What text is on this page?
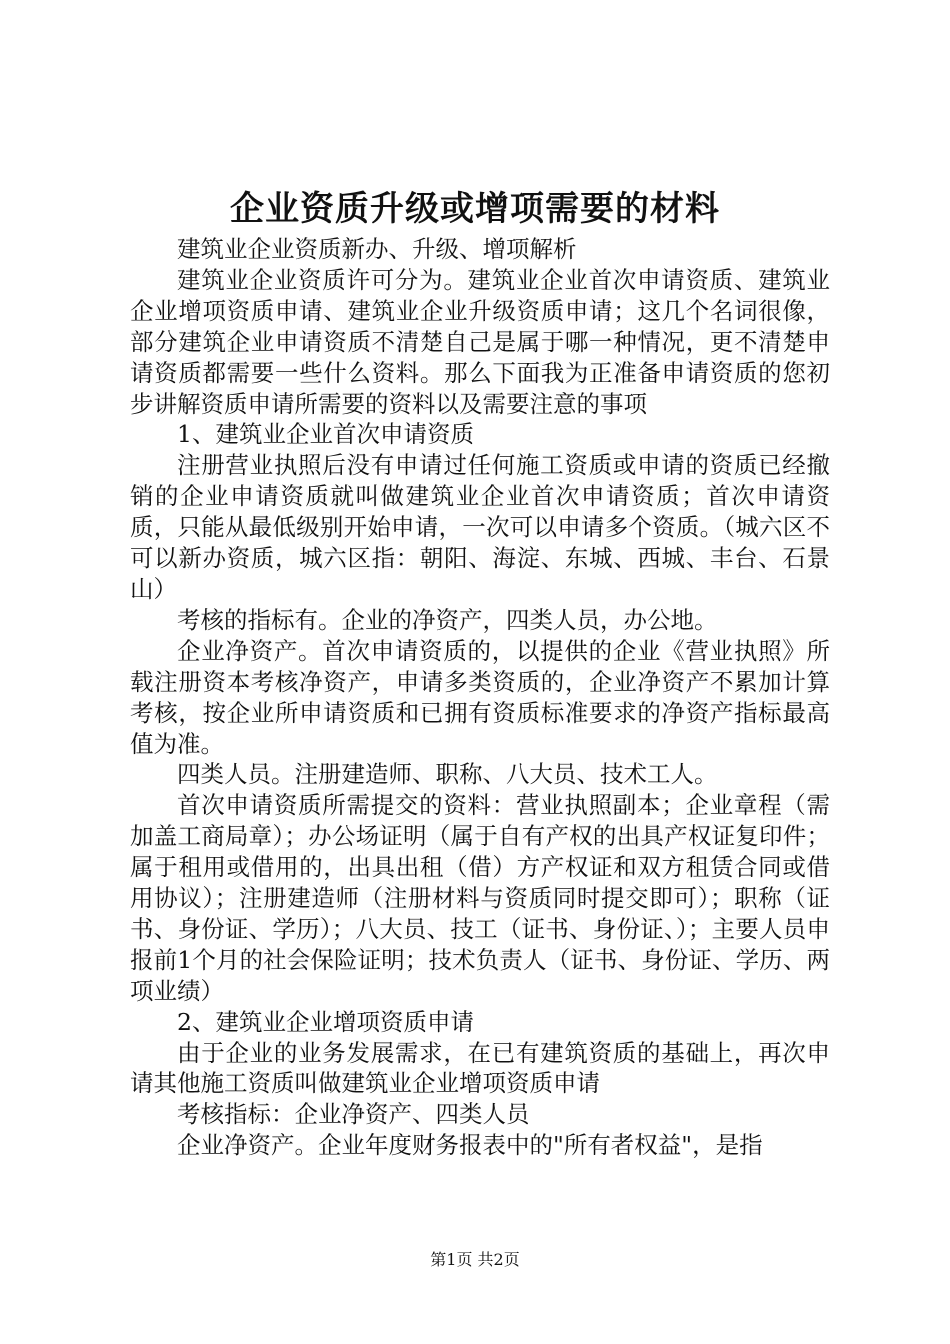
企业资质升级或增项需要的材料

建筑业企业资质新办、升级、增项解析

建筑业企业资质许可分为。建筑业企业首次申请资质、建筑业企业增项资质申请、建筑业企业升级资质申请；这几个名词很像，部分建筑企业申请资质不清楚自己是属于哪一种情况，更不清楚申请资质都需要一些什么资料。那么下面我为正准备申请资质的您初步讲解资质申请所需要的资料以及需要注意的事项

1、建筑业企业首次申请资质

注册营业执照后没有申请过任何施工资质或申请的资质已经撤销的企业申请资质就叫做建筑业企业首次申请资质；首次申请资质，只能从最低级别开始申请，一次可以申请多个资质。（城六区不可以新办资质，城六区指：朝阳、海淀、东城、西城、丰台、石景山）

考核的指标有。企业的净资产，四类人员，办公地。

企业净资产。首次申请资质的，以提供的企业《营业执照》所载注册资本考核净资产，申请多类资质的，企业净资产不累加计算考核，按企业所申请资质和已拥有资质标准要求的净资产指标最高值为准。

四类人员。注册建造师、职称、八大员、技术工人。

首次申请资质所需提交的资料：营业执照副本；企业章程（需加盖工商局章）；办公场证明（属于自有产权的出具产权证复印件；属于租用或借用的，出具出租（借）方产权证和双方租赁合同或借用协议）；注册建造师（注册材料与资质同时提交即可）；职称（证书、身份证、学历）；八大员、技工（证书、身份证、）；主要人员申报前1个月的社会保险证明；技术负责人（证书、身份证、学历、两项业绩）

2、建筑业企业增项资质申请

由于企业的业务发展需求，在已有建筑资质的基础上，再次申请其他施工资质叫做建筑业企业增项资质申请

考核指标：企业净资产、四类人员

企业净资产。企业年度财务报表中的"所有者权益"，是指

第1页 共2页
